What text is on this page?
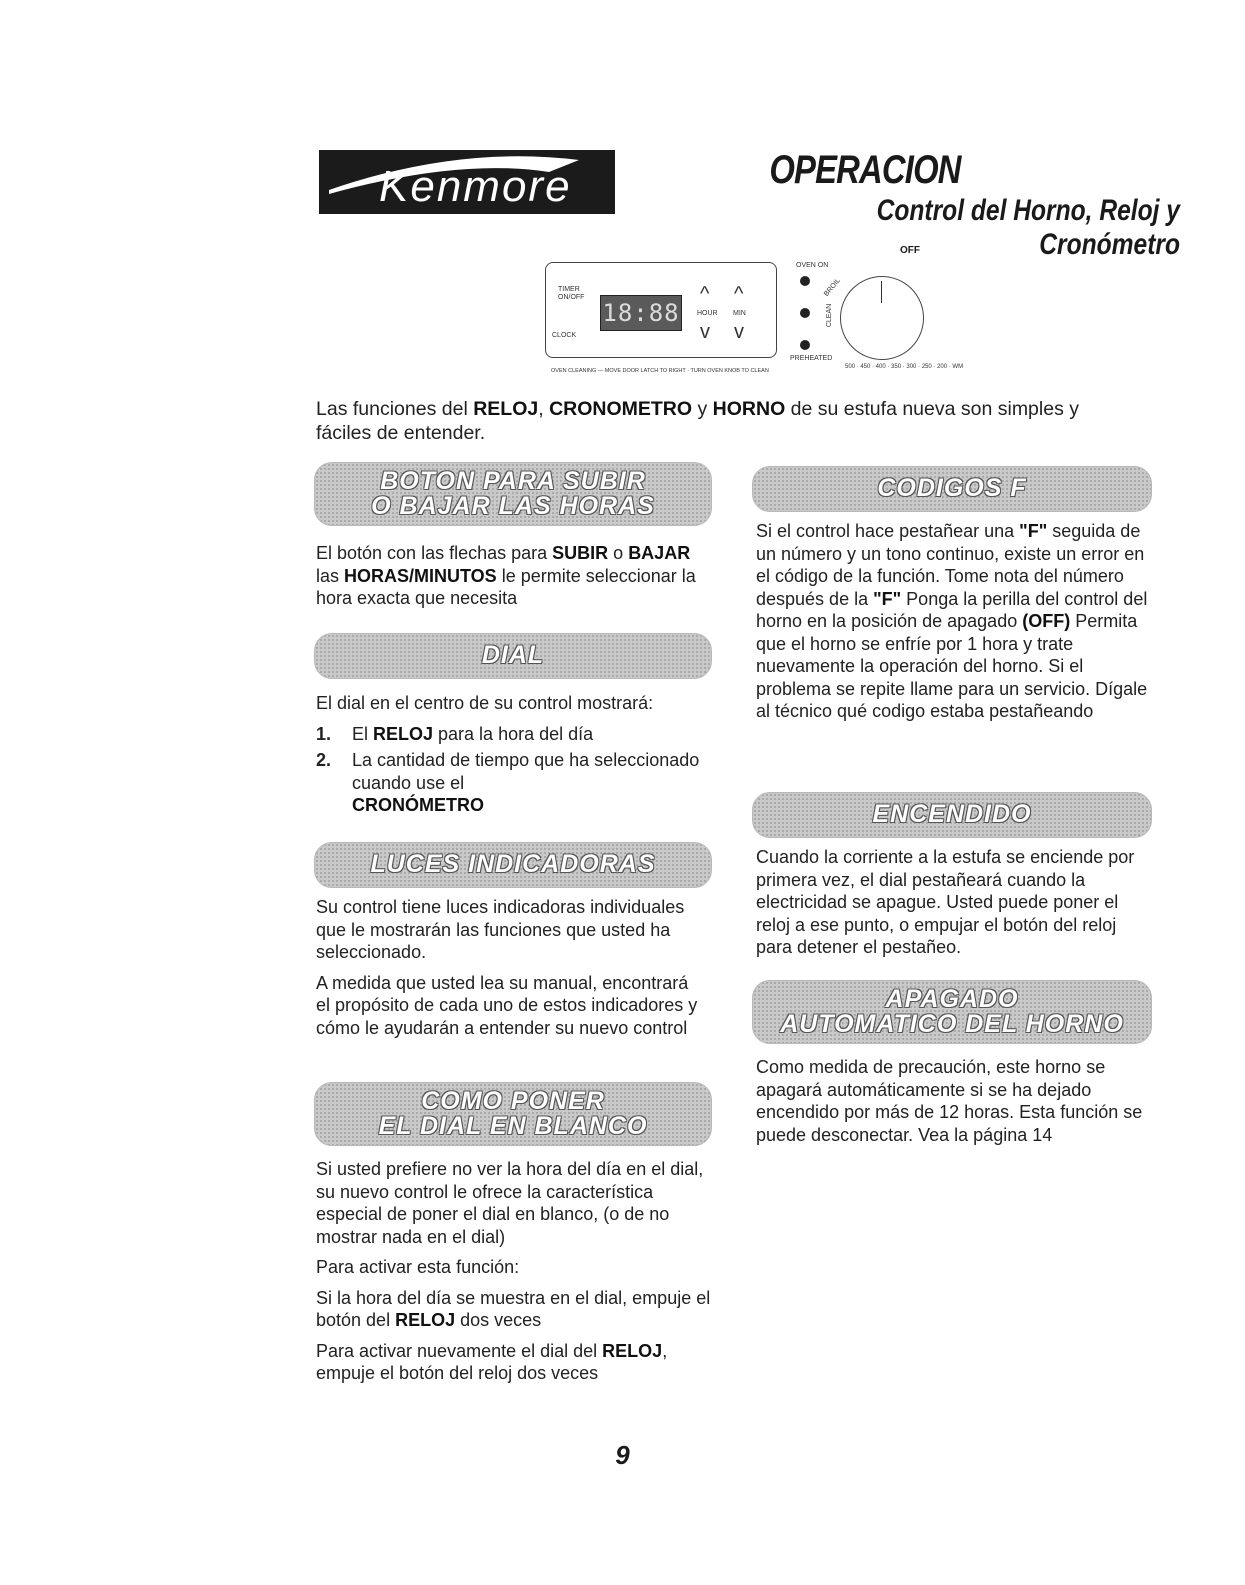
Kenmore	OPERACION
Control del Horno, Reloj y Cronómetro
TIMER
ON/OFF
CLOCK
18:88
^ ^
HOUR MIN
v v
OVEN ON
PREHEATED
BROIL
CLEAN
OFF
500 · 450 · 400 · 350 · 300 · 250 · 200 · WM
OVEN CLEANING — MOVE DOOR LATCH TO RIGHT · TURN OVEN KNOB TO CLEAN
Las funciones del RELOJ, CRONOMETRO y HORNO de su estufa nueva son simples y fáciles de entender.
BOTON PARA SUBIR
O BAJAR LAS HORAS

El botón con las flechas para SUBIR o BAJAR las HORAS/MINUTOS le permite seleccionar la hora exacta que necesita

DIAL

El dial en el centro de su control mostrará:

1. El RELOJ para la hora del día
2. La cantidad de tiempo que ha seleccionado cuando use el
CRONÓMETRO
LUCES INDICADORAS

Su control tiene luces indicadoras individuales que le mostrarán las funciones que usted ha seleccionado.

A medida que usted lea su manual, encontrará el propósito de cada uno de estos indicadores y cómo le ayudarán a entender su nuevo control

COMO PONER
EL DIAL EN BLANCO

Si usted prefiere no ver la hora del día en el dial, su nuevo control le ofrece la característica especial de poner el dial en blanco, (o de no mostrar nada en el dial)

Para activar esta función:

Si la hora del día se muestra en el dial, empuje el botón del RELOJ dos veces

Para activar nuevamente el dial del RELOJ, empuje el botón del reloj dos veces

CODIGOS F

Si el control hace pestañear una "F" seguida de un número y un tono continuo, existe un error en el código de la función. Tome nota del número después de la "F" Ponga la perilla del control del horno en la posición de apagado (OFF) Permita que el horno se enfríe por 1 hora y trate nuevamente la operación del horno. Si el problema se repite llame para un servicio. Dígale al técnico qué codigo estaba pestañeando

ENCENDIDO

Cuando la corriente a la estufa se enciende por primera vez, el dial pestañeará cuando la electricidad se apague. Usted puede poner el reloj a ese punto, o empujar el botón del reloj para detener el pestañeo.

APAGADO
AUTOMATICO DEL HORNO

Como medida de precaución, este horno se apagará automáticamente si se ha dejado encendido por más de 12 horas. Esta función se puede desconectar. Vea la página 14

9
